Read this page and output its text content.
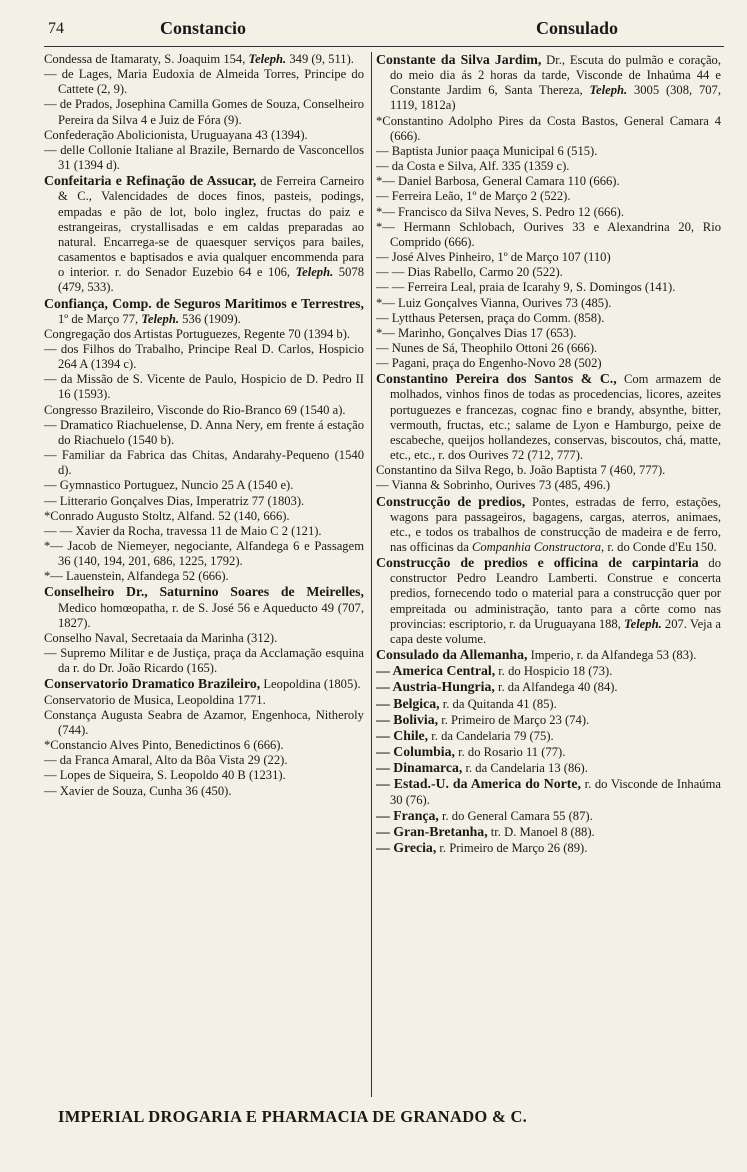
74	Constancio	Consulado

Condessa de Itamaraty, S. Joaquim 154, Teleph. 349 (9, 511).

— de Lages, Maria Eudoxia de Almeida Torres, Principe do Cattete (2, 9).

— de Prados, Josephina Camilla Gomes de Souza, Conselheiro Pereira da Silva 4 e Juiz de Fóra (9).

Confederação Abolicionista, Uruguayana 43 (1394).

— delle Collonie Italiane al Brazile, Bernardo de Vasconcellos 31 (1394 d).

Confeitaria e Refinação de Assucar, de Ferreira Carneiro & C., Valencidades de doces finos, pasteis, podings, empadas e pão de lot, bolo inglez, fructas do paiz e estrangeiras, crystallisadas e em caldas preparadas ao natural. Encarrega-se de quaesquer serviços para bailes, casamentos e baptisados e avia qualquer encommenda para o interior. r. do Senador Euzebio 64 e 106, Teleph. 5078 (479, 533).

Confiança, Comp. de Seguros Maritimos e Terrestres, 1º de Março 77, Teleph. 536 (1909).

Congregação dos Artistas Portuguezes, Regente 70 (1394 b).

— dos Filhos do Trabalho, Principe Real D. Carlos, Hospicio 264 A (1394 c).

— da Missão de S. Vicente de Paulo, Hospicio de D. Pedro II 16 (1593).

Congresso Brazileiro, Visconde do Rio-Branco 69 (1540 a).

— Dramatico Riachuelense, D. Anna Nery, em frente á estação do Riachuelo (1540 b).

— Familiar da Fabrica das Chitas, Andarahy-Pequeno (1540 d).

— Gymnastico Portuguez, Nuncio 25 A (1540 e).

— Litterario Gonçalves Dias, Imperatriz 77 (1803).

*Conrado Augusto Stoltz, Alfand. 52 (140, 666).

— — Xavier da Rocha, travessa 11 de Maio C 2 (121).

*— Jacob de Niemeyer, negociante, Alfandega 6 e Passagem 36 (140, 194, 201, 686, 1225, 1792).

*— Lauenstein, Alfandega 52 (666).

Conselheiro Dr., Saturnino Soares de Meirelles, Medico homœopatha, r. de S. José 56 e Aqueducto 49 (707, 1827).

Conselho Naval, Secretaaia da Marinha (312).

— Supremo Militar e de Justiça, praça da Acclamação esquina da r. do Dr. João Ricardo (165).

Conservatorio Dramatico Brazileiro, Leopoldina (1805).

Conservatorio de Musica, Leopoldina 1771.

Constança Augusta Seabra de Azamor, Engenhoca, Nitheroly (744).

*Constancio Alves Pinto, Benedictinos 6 (666).

— da Franca Amaral, Alto da Bôa Vista 29 (22).

— Lopes de Siqueira, S. Leopoldo 40 B (1231).

— Xavier de Souza, Cunha 36 (450).

Constante da Silva Jardim, Dr., Escuta do pulmão e coração, do meio dia ás 2 horas da tarde, Visconde de Inhaúma 44 e Constante Jardim 6, Santa Thereza, Teleph. 3005 (308, 707, 1119, 1812a)

*Constantino Adolpho Pires da Costa Bastos, General Camara 4 (666).

— Baptista Junior paaça Municipal 6 (515).

— da Costa e Silva, Alf. 335 (1359 c).

*— Daniel Barbosa, General Camara 110 (666).

— Ferreira Leão, 1º de Março 2 (522).

*— Francisco da Silva Neves, S. Pedro 12 (666).

*— Hermann Schlobach, Ourives 33 e Alexandrina 20, Rio Comprido (666).

— José Alves Pinheiro, 1º de Março 107 (110)

— — Dias Rabello, Carmo 20 (522).

— — Ferreira Leal, praia de Icarahy 9, S. Domingos (141).

*— Luiz Gonçalves Vianna, Ourives 73 (485).

— Lytthaus Petersen, praça do Comm. (858).

*— Marinho, Gonçalves Dias 17 (653).

— Nunes de Sá, Theophilo Ottoni 26 (666).

— Pagani, praça do Engenho-Novo 28 (502)

Constantino Pereira dos Santos & C., Com armazem de molhados, vinhos finos de todas as procedencias, licores, azeites portuguezes e francezas, cognac fino e brandy, absynthe, bitter, vermouth, fructas, etc.; salame de Lyon e Hamburgo, peixe de escabeche, queijos hollandezes, conservas, biscoutos, chá, matte, etc., etc., r. dos Ourives 72 (712, 777).

Constantino da Silva Rego, b. João Baptista 7 (460, 777).

— Vianna & Sobrinho, Ourives 73 (485, 496.)

Construcção de predios, Pontes, estradas de ferro, estações, wagons para passageiros, bagagens, cargas, aterros, animaes, etc., e todos os trabalhos de construcção de madeira e de ferro, nas officinas da Companhia Constructora, r. do Conde d'Eu 150.

Construcção de predios e officina de carpintaria do constructor Pedro Leandro Lamberti. Construe e concerta predios, fornecendo todo o material para a construcção quer por empreitada ou administração, tanto para a côrte como nas provincias: escriptorio, r. da Uruguayana 188, Teleph. 207. Veja a capa deste volume.

Consulado da Allemanha, Imperio, r. da Alfandega 53 (83).

— America Central, r. do Hospicio 18 (73).

— Austria-Hungria, r. da Alfandega 40 (84).

— Belgica, r. da Quitanda 41 (85).

— Bolivia, r. Primeiro de Março 23 (74).

— Chile, r. da Candelaria 79 (75).

— Columbia, r. do Rosario 11 (77).

— Dinamarca, r. da Candelaria 13 (86).

— Estad.-U. da America do Norte, r. do Visconde de Inhaúma 30 (76).

— França, r. do General Camara 55 (87).

— Gran-Bretanha, tr. D. Manoel 8 (88).

— Grecia, r. Primeiro de Março 26 (89).

IMPERIAL DROGARIA E PHARMACIA DE GRANADO & C.
